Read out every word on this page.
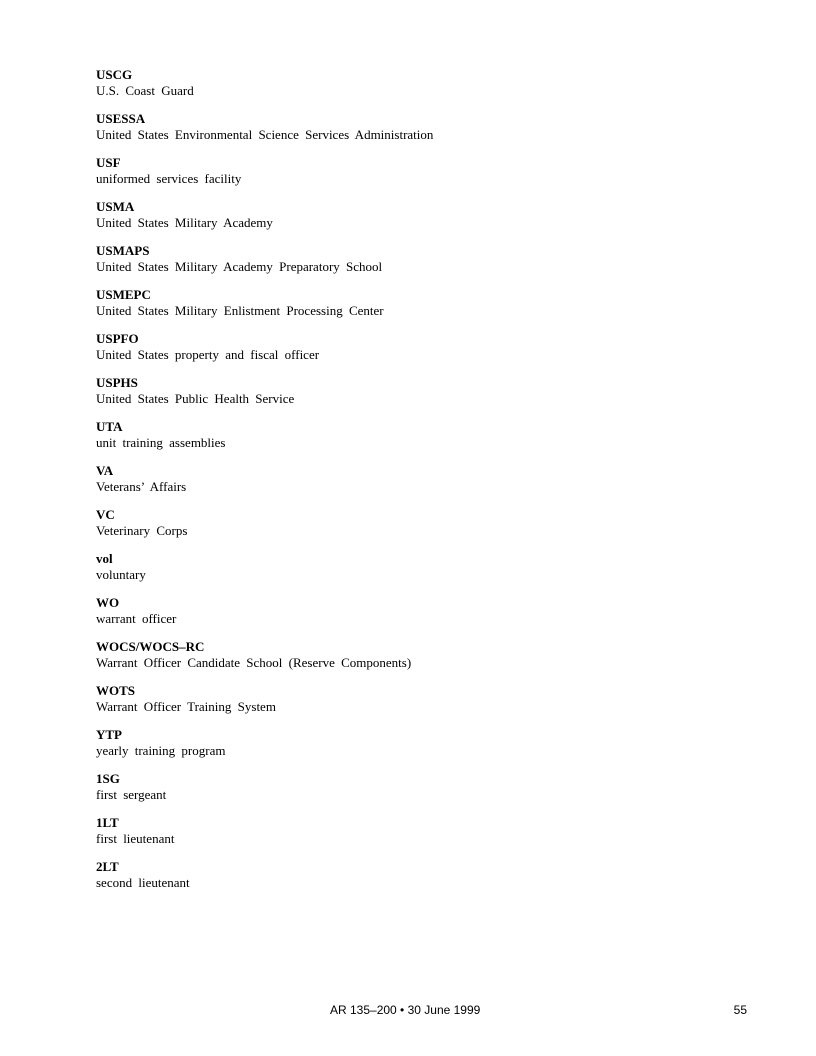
USCG
U.S. Coast Guard
USESSA
United States Environmental Science Services Administration
USF
uniformed services facility
USMA
United States Military Academy
USMAPS
United States Military Academy Preparatory School
USMEPC
United States Military Enlistment Processing Center
USPFO
United States property and fiscal officer
USPHS
United States Public Health Service
UTA
unit training assemblies
VA
Veterans’ Affairs
VC
Veterinary Corps
vol
voluntary
WO
warrant officer
WOCS/WOCS–RC
Warrant Officer Candidate School (Reserve Components)
WOTS
Warrant Officer Training System
YTP
yearly training program
1SG
first sergeant
1LT
first lieutenant
2LT
second lieutenant
AR 135–200 • 30 June 1999	55
